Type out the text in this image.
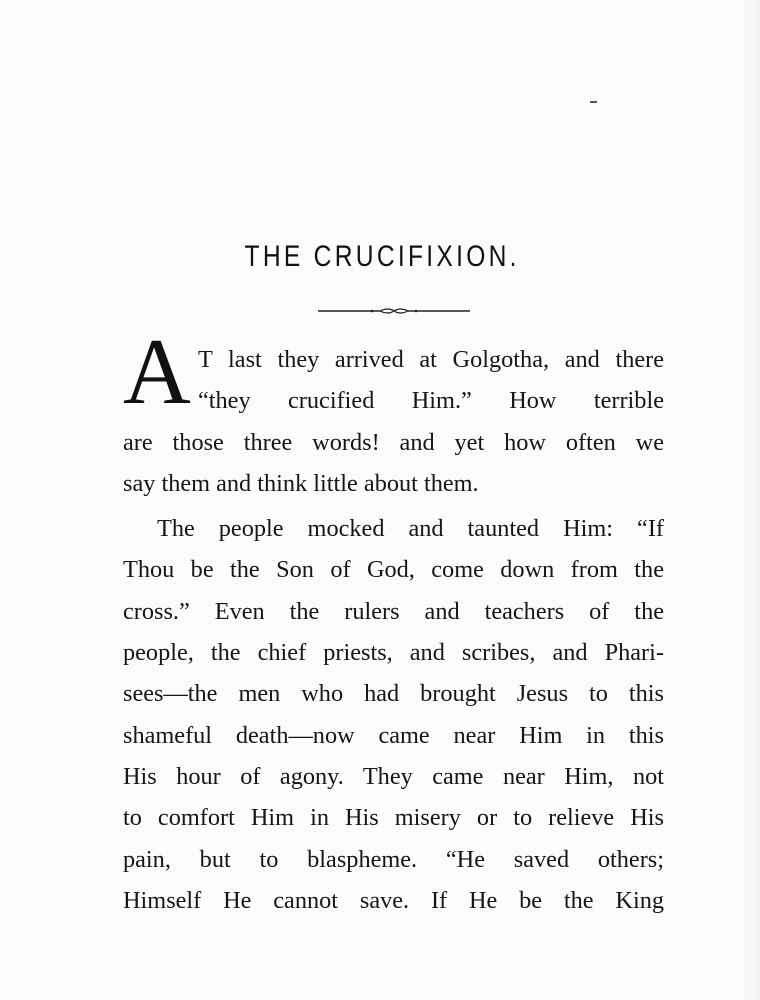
THE CRUCIFIXION.
A T last they arrived at Golgotha, and there
“they crucified Him.” How terrible
are those three words! and yet how often we
say them and think little about them.
The people mocked and taunted Him: “If
Thou be the Son of God, come down from the
cross.” Even the rulers and teachers of the
people, the chief priests, and scribes, and Phari-
sees—the men who had brought Jesus to this
shameful death—now came near Him in this
His hour of agony. They came near Him, not
to comfort Him in His misery or to relieve His
pain, but to blaspheme. “He saved others;
Himself He cannot save. If He be the King
